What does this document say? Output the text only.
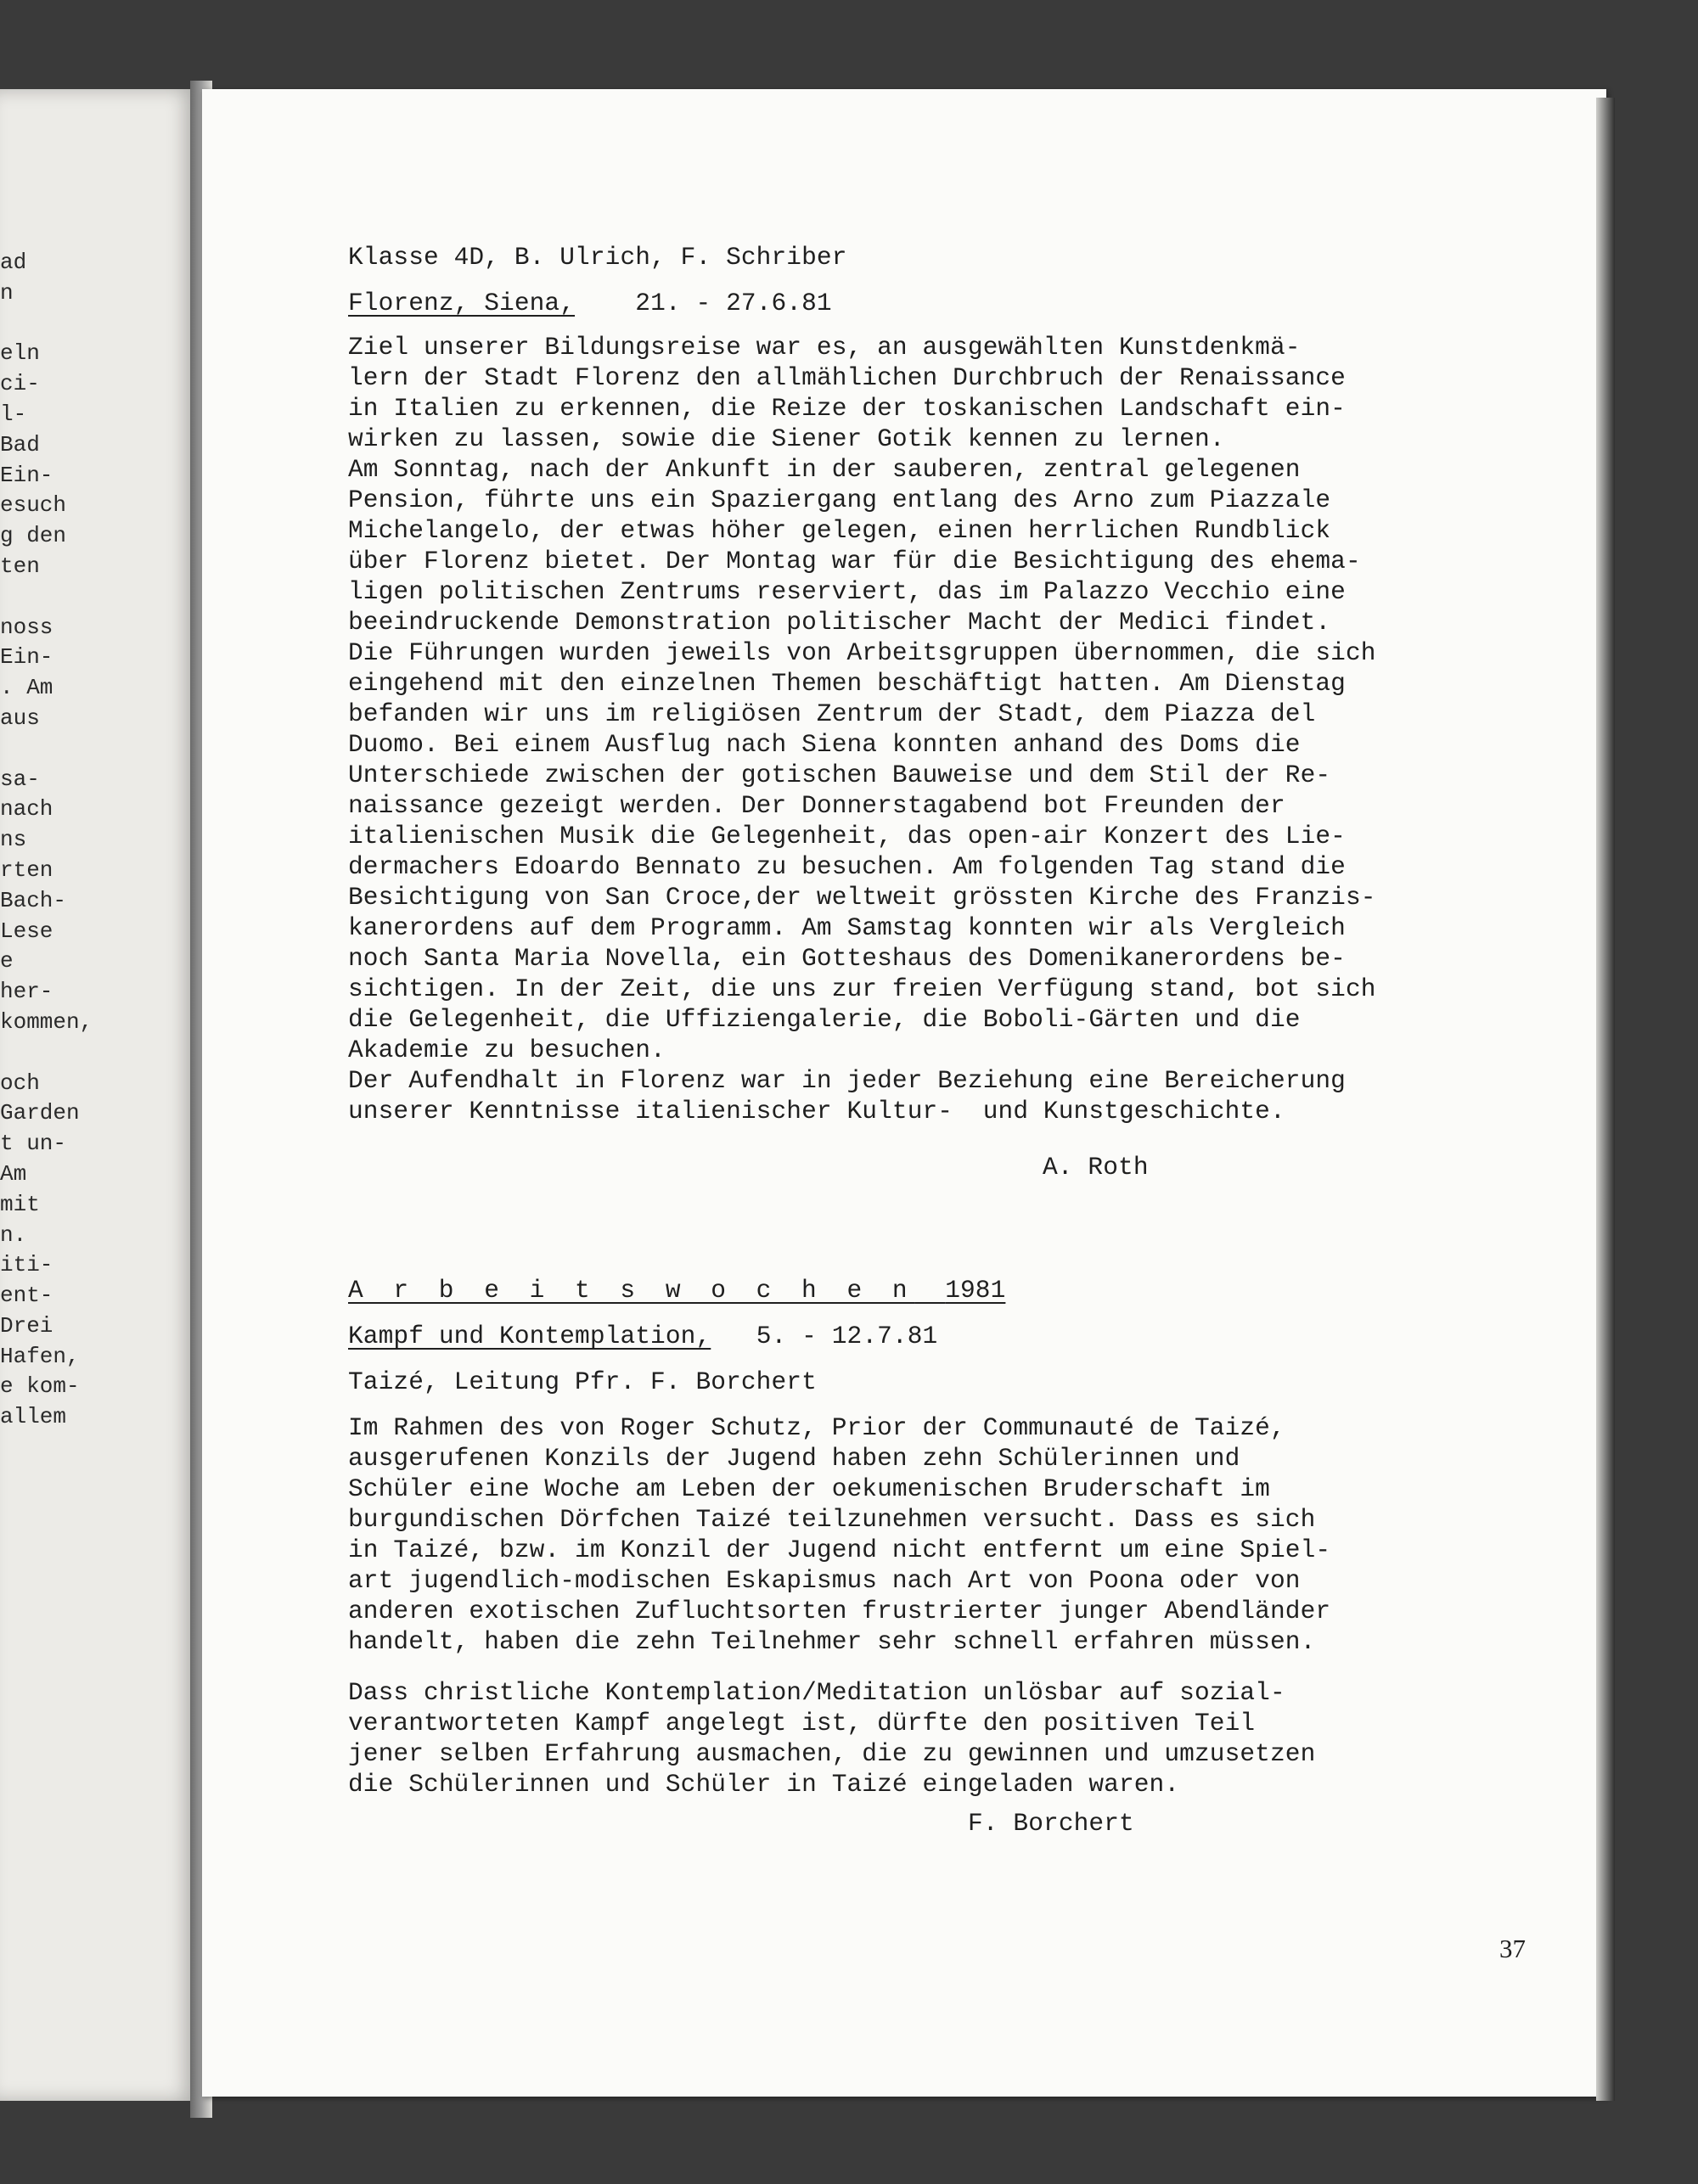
ad
n
eln
ci-
l-
Bad
Ein-
esuch
g den
ten
noss
Ein-
. Am
aus
sa-
nach
ns
rten
Bach-
Lese
e
her-
kommen,
och
Garden
t un-
Am
mit
n.
iti-
ent-
Drei
Hafen,
e kom-
allem
Klasse 4D, B. Ulrich, F. Schriber
Florenz, Siena, 21. - 27.6.81
Ziel unserer Bildungsreise war es, an ausgewählten Kunstdenkmä-
lern der Stadt Florenz den allmählichen Durchbruch der Renaissance
in Italien zu erkennen, die Reize der toskanischen Landschaft ein-
wirken zu lassen, sowie die Siener Gotik kennen zu lernen.
Am Sonntag, nach der Ankunft in der sauberen, zentral gelegenen
Pension, führte uns ein Spaziergang entlang des Arno zum Piazzale
Michelangelo, der etwas höher gelegen, einen herrlichen Rundblick
über Florenz bietet. Der Montag war für die Besichtigung des ehema-
ligen politischen Zentrums reserviert, das im Palazzo Vecchio eine
beeindruckende Demonstration politischer Macht der Medici findet.
Die Führungen wurden jeweils von Arbeitsgruppen übernommen, die sich
eingehend mit den einzelnen Themen beschäftigt hatten. Am Dienstag
befanden wir uns im religiösen Zentrum der Stadt, dem Piazza del
Duomo. Bei einem Ausflug nach Siena konnten anhand des Doms die
Unterschiede zwischen der gotischen Bauweise und dem Stil der Re-
naissance gezeigt werden. Der Donnerstagabend bot Freunden der
italienischen Musik die Gelegenheit, das open-air Konzert des Lie-
dermachers Edoardo Bennato zu besuchen. Am folgenden Tag stand die
Besichtigung von San Croce,der weltweit grössten Kirche des Franzis-
kanerordens auf dem Programm. Am Samstag konnten wir als Vergleich
noch Santa Maria Novella, ein Gotteshaus des Domenikanerordens be-
sichtigen. In der Zeit, die uns zur freien Verfügung stand, bot sich
die Gelegenheit, die Uffiziengalerie, die Boboli-Gärten und die
Akademie zu besuchen.
Der Aufendhalt in Florenz war in jeder Beziehung eine Bereicherung
unserer Kenntnisse italienischer Kultur-  und Kunstgeschichte.
A. Roth
A r b e i t s w o c h e n 1981
Kampf und Kontemplation, 5. - 12.7.81
Taizé, Leitung Pfr. F. Borchert
Im Rahmen des von Roger Schutz, Prior der Communauté de Taizé,
ausgerufenen Konzils der Jugend haben zehn Schülerinnen und
Schüler eine Woche am Leben der oekumenischen Bruderschaft im
burgundischen Dörfchen Taizé teilzunehmen versucht. Dass es sich
in Taizé, bzw. im Konzil der Jugend nicht entfernt um eine Spiel-
art jugendlich-modischen Eskapismus nach Art von Poona oder von
anderen exotischen Zufluchtsorten frustrierter junger Abendländer
handelt, haben die zehn Teilnehmer sehr schnell erfahren müssen.
Dass christliche Kontemplation/Meditation unlösbar auf sozial-
verantworteten Kampf angelegt ist, dürfte den positiven Teil
jener selben Erfahrung ausmachen, die zu gewinnen und umzusetzen
die Schülerinnen und Schüler in Taizé eingeladen waren.
F. Borchert
37
